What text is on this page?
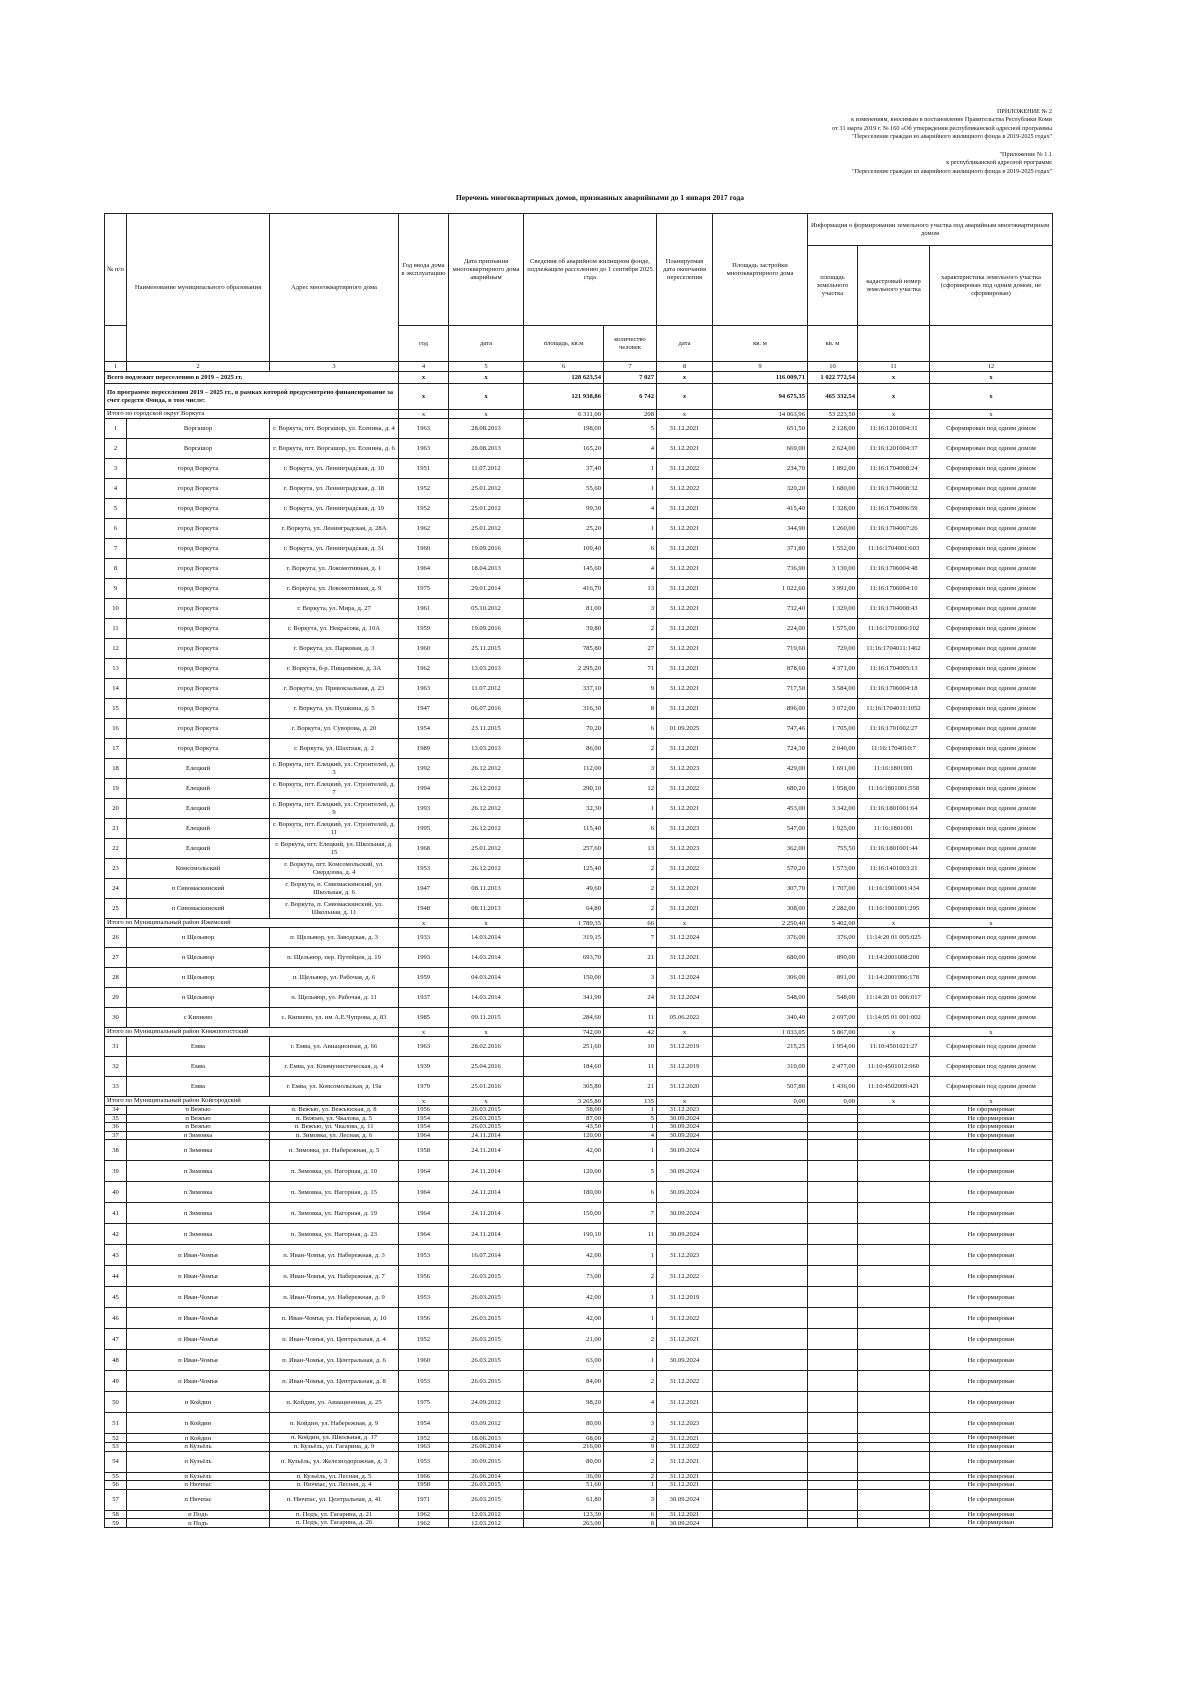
ПРИЛОЖЕНИЕ № 2
к изменениям, вносимым в постановление Правительства Республики Коми
от 31 марта 2019 г. № 160 «Об утверждении республиканской адресной программы
"Переселение граждан из аварийного жилищного фонда в 2019-2025 годах"
"Приложение № 1.1
к республиканской адресной программе
"Переселение граждан из аварийного жилищного фонда в 2019-2025 годах"
Перечень многоквартирных домов, признанных аварийными до 1 января 2017 года
№ п/п	Наименование муниципального образования	Адрес многоквартирного дома	Год ввода дома в эксплуатацию	Дата признания многоквартирного дома аварийным	Сведения об аварийном жилищном фонде, подлежащем расселению до 1 сентября 2025 года		Планируемая дата окончания переселения	Площадь застройки многоквартирного дома	Информация о формировании земельного участка под аварийным многоквартирным домом		
									площадь земельного участка	кадастровый номер земельного участка	характеристика земельного участка (сформирован под одним домом, не сформирован)
			год	дата	площадь, кв.м	количество человек	дата	кв. м	кв. м		
1	2	3	4	5	6	7	8	9	10	11	12
Всего подлежит переселению в 2019 – 2025 гг.			x	x	128 623,54	7 027	x	116 009,71	1 022 772,54	x	x
По программе переселения 2019 – 2025 гг., в рамках которой предусмотрено финансирование за счет средств Фонда, в том числе:			x	x	121 938,86	6 742	x	94 675,35	465 332,54	x	x
Итого по городской округ Воркута			x	x	6 311,00	208	x	14 063,96	53 223,50	x	x
1	Воргашор	г. Воркута, пгт. Воргашор, ул. Есенина, д. 4	1963	28.08.2013	198,00	5	31.12.2021	651,50	2 128,00	11:16:1201004:31	Сформирован под одним домом
2	Воргашор	г. Воркута, пгт. Воргашор, ул. Есенина, д. 6	1963	28.08.2013	165,20	4	31.12.2021	669,00	2 624,00	11:16:1201004:37	Сформирован под одним домом
3	город Воркута	г. Воркута, ул. Ленинградская, д. 10	1951	11.07.2012	37,40	1	31.12.2022	234,70	1 892,00	11:16:1704008:24	Сформирован под одним домом
4	город Воркута	г. Воркута, ул. Ленинградская, д. 18	1952	25.01.2012	55,60	1	31.12.2022	320,20	1 680,00	11:16:1704008:32	Сформирован под одним домом
5	город Воркута	г. Воркута, ул. Ленинградская, д. 19	1952	25.01.2012	99,30	4	31.12.2021	415,40	1 328,00	11:16:1704006:59	Сформирован под одним домом
6	город Воркута	г. Воркута, ул. Ленинградская, д. 28А	1962	25.01.2012	25,20	1	31.12.2021	344,90	1 260,00	11:16:1704007:26	Сформирован под одним домом
7	город Воркута	г. Воркута, ул. Ленинградская, д. 31	1960	19.09.2016	109,40	6	31.12.2021	371,80	1 552,00	11:16:1704001:603	Сформирован под одним домом
8	город Воркута	г. Воркута, ул. Локомотивная, д. 1	1964	18.04.2013	145,60	4	31.12.2021	736,90	3 130,00	11:16:1706004:48	Сформирован под одним домом
9	город Воркута	г. Воркута, ул. Локомотивная, д. 9	1975	29.01.2014	416,70	13	31.12.2021	1 022,60	3 991,00	11:16:1706004:10	Сформирован под одним домом
10	город Воркута	г. Воркута, ул. Мира, д. 27	1961	05.10.2012	81,00	3	31.12.2021	732,40	1 329,00	11:16:1704008:43	Сформирован под одним домом
11	город Воркута	г. Воркута, ул. Некрасова, д. 10А	1959	19.09.2016	39,80	2	31.12.2021	224,00	1 575,00	11:16:1701006:102	Сформирован под одним домом
12	город Воркута	г. Воркута, ул. Парковая, д. 3	1960	25.11.2015	785,80	27	31.12.2021	719,60	729,00	11:16:1704011:1462	Сформирован под одним домом
13	город Воркута	г. Воркута, б-р. Пищевиков, д. 3А	1962	13.03.2013	2 295,20	71	31.12.2021	878,60	4 371,00	11:16:1704005:13	Сформирован под одним домом
14	город Воркута	г. Воркута, ул. Привокзальная, д. 23	1963	11.07.2012	337,10	9	31.12.2021	717,50	3 584,00	11:16:1706004:18	Сформирован под одним домом
15	город Воркута	г. Воркута, ул. Пушкина, д. 5	1947	06.07.2016	316,30	8	31.12.2021	896,00	3 072,00	11:16:1704011:1052	Сформирован под одним домом
16	город Воркута	г. Воркута, ул. Суворова, д. 20	1954	23.11.2015	70,20	6	01.09.2025	747,46	1 705,00	11:16:1701002:27	Сформирован под одним домом
17	город Воркута	г. Воркута, ул. Шахтная, д. 2	1989	13.03.2013	86,00	2	31.12.2021	724,30	2 040,00	11:16:1704010:7	Сформирован под одним домом
18	Елецкий	г. Воркута, пгт. Елецкий, ул. Строителей, д. 3	1992	26.12.2012	112,00	3	31.12.2023	429,00	1 691,00	11:16:1801001	Сформирован под одним домом
19	Елецкий	г. Воркута, пгт. Елецкий, ул. Строителей, д. 7	1994	26.12.2012	290,10	12	31.12.2022	680,20	1 958,00	11:16:1801001:558	Сформирован под одним домом
20	Елецкий	г. Воркута, пгт. Елецкий, ул. Строителей, д. 9	1993	26.12.2012	32,30	1	31.12.2021	453,00	3 342,00	11:16:1801001:64	Сформирован под одним домом
21	Елецкий	г. Воркута, пгт. Елецкий, ул. Строителей, д. 11	1995	26.12.2012	115,40	6	31.12.2023	547,00	1 925,00	11:16:1801001	Сформирован под одним домом
22	Елецкий	г. Воркута, пгт. Елецкий, ул. Школьная, д. 15	1968	25.01.2012	257,60	13	31.12.2023	362,00	755,50	11:16:1801001:44	Сформирован под одним домом
23	Комсомольский	г. Воркута, пгт. Комсомольский, ул. Свердлова, д. 4	1953	26.12.2012	125,40	2	31.12.2022	570,20	1 573,00	11:16:1401003:21	Сформирован под одним домом
24	п Сивомаскинский	г. Воркута, п. Сивомаскинский, ул. Школьная, д. 6	1947	08.11.2013	49,60	2	31.12.2021	307,70	1 707,00	11:16:1901001:434	Сформирован под одним домом
25	п Сивомаскинский	г. Воркута, п. Сивомаскинский, ул. Школьная, д. 11	1948	08.11.2013	64,80	2	31.12.2021	308,00	2 282,00	11:16:1901001:295	Сформирован под одним домом
Итого по Муниципальный район Ижемский			x	x	1 789,35	66	x	2 250,40	5 402,00	x	x
26	п Щельяюр	п. Щельяюр, ул. Заводская, д. 3	1933	14.03.2014	319,15	7	31.12.2024	376,00	376,00	11:14:20 01 005:025	Сформирован под одним домом
27	п Щельяюр	п. Щельяюр, пер. Путейцев, д. 19	1993	14.03.2014	693,70	21	31.12.2021	680,00	890,00	11:14:2001008:200	Сформирован под одним домом
28	п Щельяюр	п. Щельяюр, ул. Рабочая, д. 6	1959	04.03.2014	150,00	3	31.12.2024	306,00	891,00	11:14:2001006:178	Сформирован под одним домом
29	п Щельяюр	п. Щельяюр, ул. Рабочая, д. 11	1937	14.03.2014	341,90	24	31.12.2024	548,00	548,00	11:14:20 01 006:017	Сформирован под одним домом
30	с Кипиево	с. Кипиево, ул. им А.Е.Чупрова, д. 83	1985	09.11.2015	284,60	11	05.06.2022	340,40	2 697,00	11:14:05 01 001:002	Сформирован под одним домом
Итого по Муниципальный район Княжпогостский			x	x	742,00	42	x	1 033,05	5 867,00	x	x
31	Емва	г. Емва, ул. Авиационная, д. 66	1963	28.02.2016	251,60	10	31.12.2019	215,25	1 954,00	11:10:4501021:27	Сформирован под одним домом
32	Емва	г. Емва, ул. Коммунистическая, д. 4	1939	25.04.2016	184,60	11	31.12.2019	310,00	2 477,00	11:10:4501012:960	Сформирован под одним домом
33	Емва	г. Емва, ул. Комсомольская, д. 19а	1979	25.01.2016	305,80	21	31.12.2020	507,80	1 436,00	11:10:4502009:421	Сформирован под одним домом
Итого по Муниципальный район Койгородский			x	x	3 265,80	135	x	0,00	0,00	x	x
34	п Вежъю	п. Вежъю, ул. Вежъюская, д. 8	1956	26.03.2015	58,00	1	31.12.2023				Не сформирован
35	п Вежъю	п. Вежъю, ул. Чкалова, д. 5	1954	26.03.2015	87,00	5	30.09.2024				Не сформирован
36	п Вежъю	п. Вежъю, ул. Чкалова, д. 11	1954	26.03.2015	43,50	1	30.09.2024				Не сформирован
37	п Зимовка	п. Зимовка, ул. Лесная, д. 6	1964	24.11.2014	120,00	4	30.09.2024				Не сформирован
38	п Зимовка	п. Зимовка, ул. Набережная, д. 5	1958	24.11.2014	42,00	1	30.09.2024				Не сформирован
39	п Зимовка	п. Зимовка, ул. Нагорная, д. 10	1964	24.11.2014	120,00	5	30.09.2024				Не сформирован
40	п Зимовка	п. Зимовка, ул. Нагорная, д. 15	1964	24.11.2014	180,00	6	30.09.2024				Не сформирован
41	п Зимовка	п. Зимовка, ул. Нагорная, д. 19	1964	24.11.2014	150,00	7	30.09.2024				Не сформирован
42	п Зимовка	п. Зимовка, ул. Нагорная, д. 23	1964	24.11.2014	190,10	11	30.09.2024				Не сформирован
43	п Иван-Чомъя	п. Иван-Чомъя, ул. Набережная, д. 3	1953	16.07.2014	42,00	1	31.12.2023				Не сформирован
44	п Иван-Чомъя	п. Иван-Чомъя, ул. Набережная, д. 7	1956	26.03.2015	73,00	2	31.12.2022				Не сформирован
45	п Иван-Чомъя	п. Иван-Чомъя, ул. Набережная, д. 9	1953	26.03.2015	42,00	1	31.12.2019				Не сформирован
46	п Иван-Чомъя	п. Иван-Чомъя, ул. Набережная, д. 10	1956	26.03.2015	42,00	1	31.12.2022				Не сформирован
47	п Иван-Чомъя	п. Иван-Чомъя, ул. Центральная, д. 4	1952	26.03.2015	21,00	2	31.12.2021				Не сформирован
48	п Иван-Чомъя	п. Иван-Чомъя, ул. Центральная, д. 6	1960	26.03.2015	63,00	1	30.09.2024				Не сформирован
49	п Иван-Чомъя	п. Иван-Чомъя, ул. Центральная, д. 8	1953	26.03.2015	84,00	2	31.12.2022				Не сформирован
50	п Койдин	п. Койдин, ул. Авиационная, д. 25	1975	24.09.2012	98,20	4	31.12.2021				Не сформирован
51	п Койдин	п. Койдин, ул. Набережная, д. 9	1954	03.09.2012	80,00	3	31.12.2023				Не сформирован
52	п Койдин	п. Койдин, ул. Школьная, д. 17	1952	18.06.2013	68,00	2	31.12.2021				Не сформирован
53	п Кузьёль	п. Кузьёль, ул. Гагарина, д. 9	1963	26.06.2014	216,00	9	31.12.2022				Не сформирован
54	п Кузьёль	п. Кузьёль, ул. Железнодорожная, д. 3	1953	30.09.2015	80,00	2	31.12.2021				Не сформирован
55	п Кузьёль	п. Кузьёль, ул. Лесная, д. 5	1966	26.06.2014	36,00	2	31.12.2021				Не сформирован
56	п Нючпас	п. Нючпас, ул. Лесная, д. 4	1958	26.03.2015	51,60	1	31.12.2021				Не сформирован
57	п Нючпас	п. Нючпас, ул. Центральная, д. 41	1971	26.03.2015	61,80	3	30.09.2024				Не сформирован
58	п Подъ	п. Подъ, ул. Гагарина, д. 21	1962	12.03.2012	123,30	6	31.12.2021				Не сформирован
59	п Подъ	п. Подъ, ул. Гагарина, д. 26	1962	12.03.2012	263,00	8	30.09.2024				Не сформирован
